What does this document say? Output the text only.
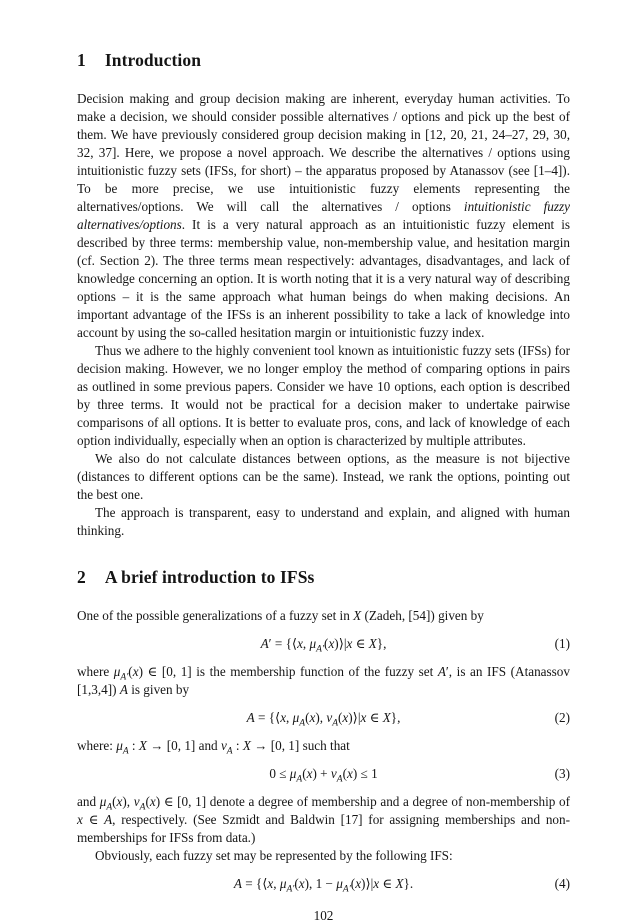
1 Introduction

Decision making and group decision making are inherent, everyday human activities. To make a decision, we should consider possible alternatives / options and pick up the best of them. We have previously considered group decision making in [12, 20, 21, 24–27, 29, 30, 32, 37]. Here, we propose a novel approach. We describe the alternatives / options using intuitionistic fuzzy sets (IFSs, for short) – the apparatus proposed by Atanassov (see [1–4]). To be more precise, we use intuitionistic fuzzy elements representing the alternatives/options. We will call the alternatives / options intuitionistic fuzzy alternatives/options. It is a very natural approach as an intuitionistic fuzzy element is described by three terms: membership value, non-membership value, and hesitation margin (cf. Section 2). The three terms mean respectively: advantages, disadvantages, and lack of knowledge concerning an option. It is worth noting that it is a very natural way of describing options – it is the same approach what human beings do when making decisions. An important advantage of the IFSs is an inherent possibility to take a lack of knowledge into account by using the so-called hesitation margin or intuitionistic fuzzy index.

Thus we adhere to the highly convenient tool known as intuitionistic fuzzy sets (IFSs) for decision making. However, we no longer employ the method of comparing options in pairs as outlined in some previous papers. Consider we have 10 options, each option is described by three terms. It would not be practical for a decision maker to undertake pairwise comparisons of all options. It is better to evaluate pros, cons, and lack of knowledge of each option individually, especially when an option is characterized by multiple attributes.

We also do not calculate distances between options, as the measure is not bijective (distances to different options can be the same). Instead, we rank the options, pointing out the best one.

The approach is transparent, easy to understand and explain, and aligned with human thinking.

2 A brief introduction to IFSs

One of the possible generalizations of a fuzzy set in X (Zadeh, [54]) given by

A′ = {⟨x, $\mu_{A'}(x)⟩|x$ ∈ X},	(1)

where $\mu_{A'}(x)$ ∈ [0, 1] is the membership function of the fuzzy set A′, is an IFS (Atanassov [1,3,4]) A is given by

A = {⟨x, $\mu_A(x)$, $\nu_A(x)⟩|x$ ∈ X},	(2)

where: $\mu_A$ : X → [0, 1] and $\nu_A$ : X → [0, 1] such that

$0 \le \mu_A(x) + \nu_A(x) \le 1$	(3)

and $\mu_A(x)$, $\nu_A(x)$ ∈ [0, 1] denote a degree of membership and a degree of non-membership of x ∈ A, respectively. (See Szmidt and Baldwin [17] for assigning memberships and non-memberships for IFSs from data.)

Obviously, each fuzzy set may be represented by the following IFS:

A = {⟨x, $\mu_{A'}(x)$, $1 - \mu_{A'}(x)⟩|x$ ∈ X}.	(4)
102
